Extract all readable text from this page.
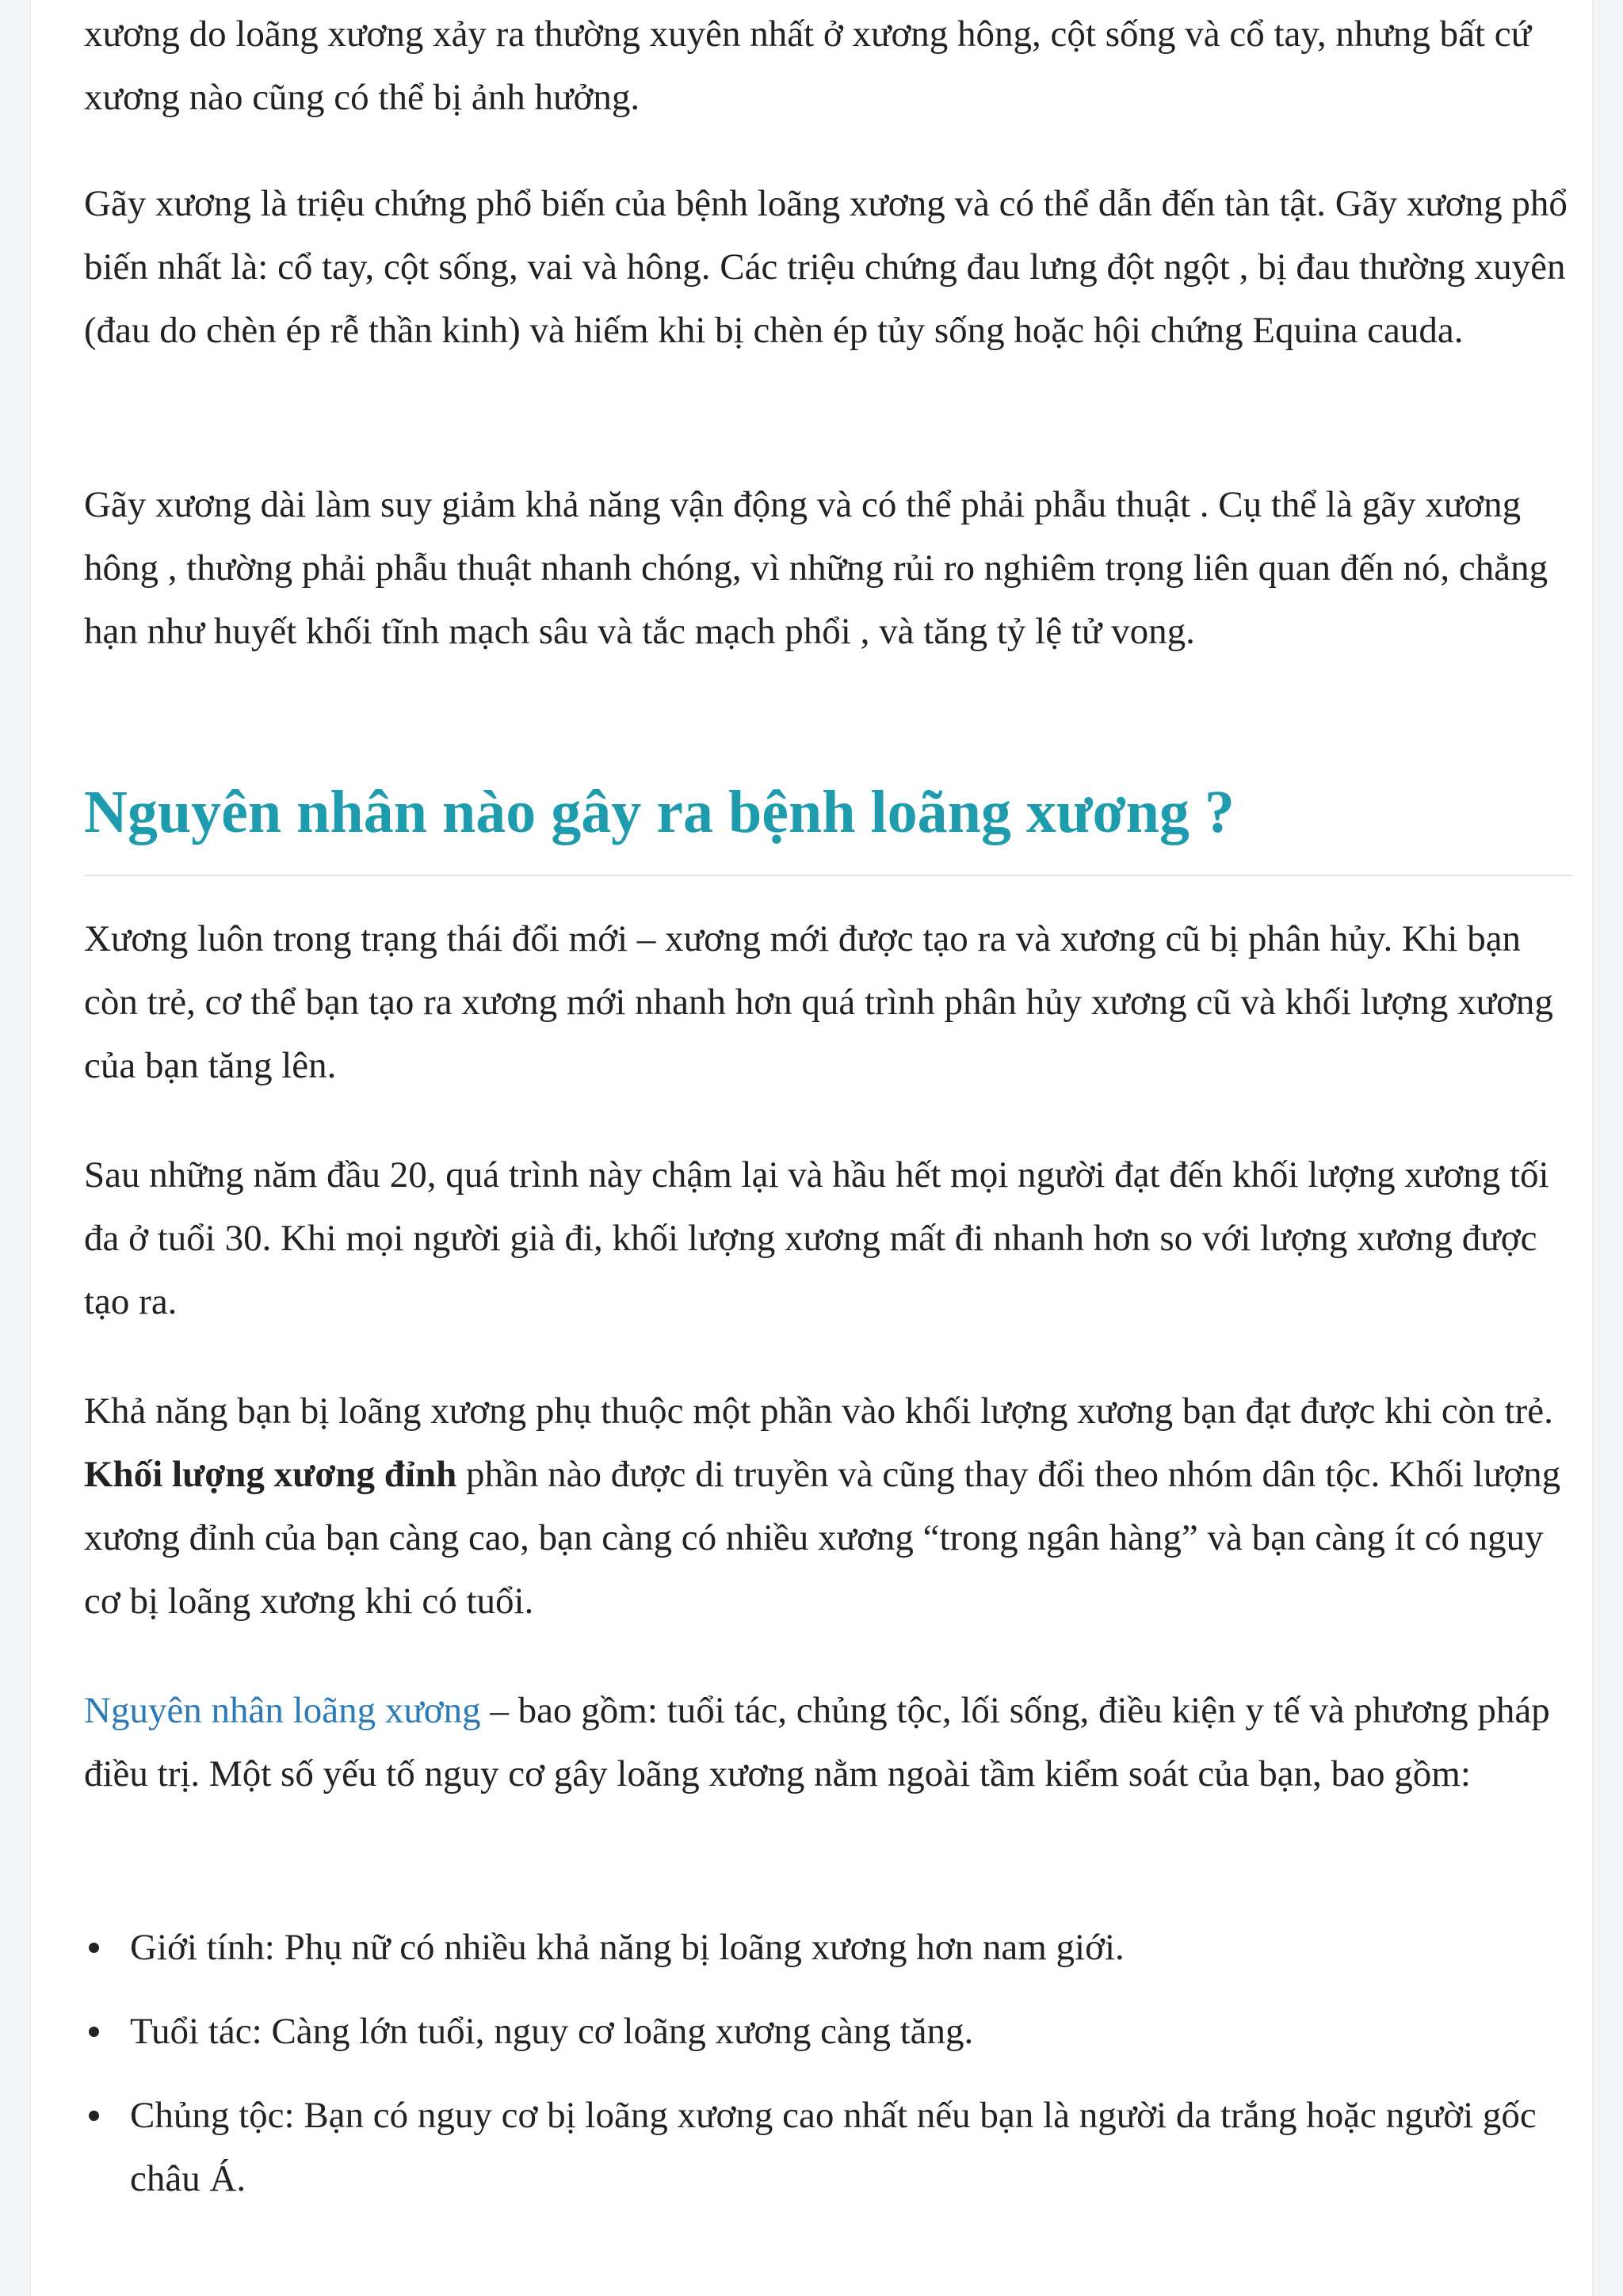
xương do loãng xương xảy ra thường xuyên nhất ở xương hông, cột sống và cổ tay, nhưng bất cứ xương nào cũng có thể bị ảnh hưởng.

Gãy xương là triệu chứng phổ biến của bệnh loãng xương và có thể dẫn đến tàn tật. Gãy xương phổ biến nhất là: cổ tay, cột sống, vai và hông. Các triệu chứng đau lưng đột ngột , bị đau thường xuyên (đau do chèn ép rễ thần kinh) và hiếm khi bị chèn ép tủy sống hoặc hội chứng Equina cauda.

Gãy xương dài làm suy giảm khả năng vận động và có thể phải phẫu thuật . Cụ thể là gãy xương hông , thường phải phẫu thuật nhanh chóng, vì những rủi ro nghiêm trọng liên quan đến nó, chẳng hạn như huyết khối tĩnh mạch sâu và tắc mạch phổi , và tăng tỷ lệ tử vong.

Nguyên nhân nào gây ra bệnh loãng xương ?

Xương luôn trong trạng thái đổi mới – xương mới được tạo ra và xương cũ bị phân hủy. Khi bạn còn trẻ, cơ thể bạn tạo ra xương mới nhanh hơn quá trình phân hủy xương cũ và khối lượng xương của bạn tăng lên.

Sau những năm đầu 20, quá trình này chậm lại và hầu hết mọi người đạt đến khối lượng xương tối đa ở tuổi 30. Khi mọi người già đi, khối lượng xương mất đi nhanh hơn so với lượng xương được tạo ra.

Khả năng bạn bị loãng xương phụ thuộc một phần vào khối lượng xương bạn đạt được khi còn trẻ. Khối lượng xương đỉnh phần nào được di truyền và cũng thay đổi theo nhóm dân tộc. Khối lượng xương đỉnh của bạn càng cao, bạn càng có nhiều xương “trong ngân hàng” và bạn càng ít có nguy cơ bị loãng xương khi có tuổi.

Nguyên nhân loãng xương – bao gồm: tuổi tác, chủng tộc, lối sống, điều kiện y tế và phương pháp điều trị. Một số yếu tố nguy cơ gây loãng xương nằm ngoài tầm kiểm soát của bạn, bao gồm:

Giới tính: Phụ nữ có nhiều khả năng bị loãng xương hơn nam giới.
Tuổi tác: Càng lớn tuổi, nguy cơ loãng xương càng tăng.
Chủng tộc: Bạn có nguy cơ bị loãng xương cao nhất nếu bạn là người da trắng hoặc người gốc châu Á.
